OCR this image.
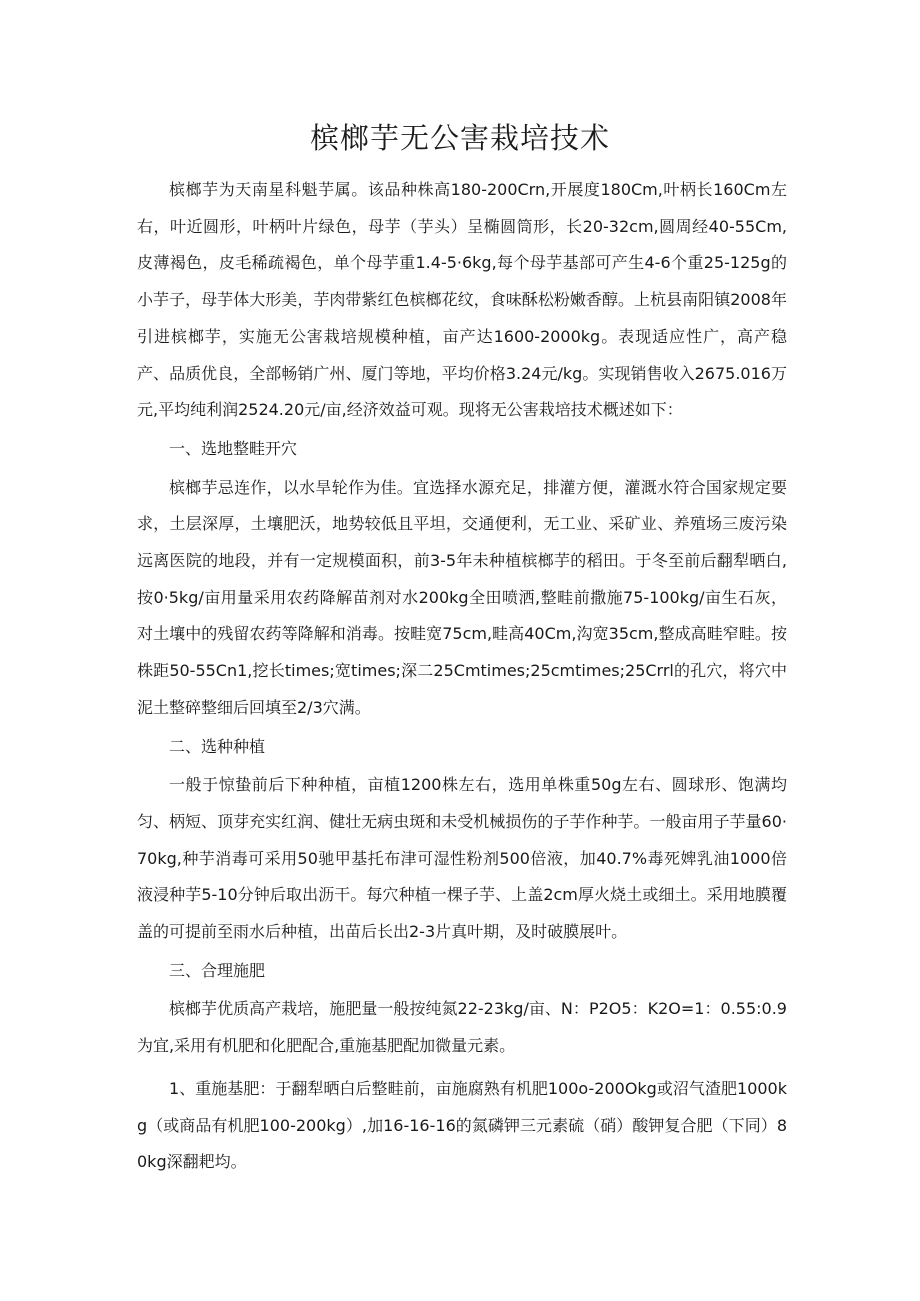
槟榔芋无公害栽培技术

槟榔芋为天南星科魁芋属。该品种株高180-200Crn,开展度180Cm,叶柄长160Cm左右，叶近圆形，叶柄叶片绿色，母芋（芋头）呈椭圆筒形，长20-32cm,圆周经40-55Cm,皮薄褐色，皮毛稀疏褐色，单个母芋重1.4-5·6kg,每个母芋基部可产生4-6个重25-125g的小芋子，母芋体大形美，芋肉带紫红色槟榔花纹，食味酥松粉嫩香醇。上杭县南阳镇2008年引进槟榔芋，实施无公害栽培规模种植，亩产达1600-2000kg。表现适应性广，高产稳产、品质优良，全部畅销广州、厦门等地，平均价格3.24元/kg。实现销售收入2675.016万元,平均纯利润2524.20元/亩,经济效益可观。现将无公害栽培技术概述如下：

一、选地整畦开穴

槟榔芋忌连作，以水旱轮作为佳。宜选择水源充足，排灌方便，灌溉水符合国家规定要求，土层深厚，土壤肥沃，地势较低且平坦，交通便利，无工业、采矿业、养殖场三废污染远离医院的地段，并有一定规模面积，前3-5年未种植槟榔芋的稻田。于冬至前后翻犁晒白,按0·5kg/亩用量采用农药降解苗剂对水200kg全田喷洒,整畦前撒施75-100kg/亩生石灰，对土壤中的残留农药等降解和消毒。按畦宽75cm,畦高40Cm,沟宽35cm,整成高畦窄畦。按株距50-55Cn1,挖长times;宽times;深二25Cmtimes;25cmtimes;25Crrl的孔穴，将穴中泥土整碎整细后回填至2/3穴满。

二、选种种植

一般于惊蛰前后下种种植，亩植1200株左右，选用单株重50g左右、圆球形、饱满均匀、柄短、顶芽充实红润、健壮无病虫斑和未受机械损伤的子芋作种芋。一般亩用子芋量60·70kg,种芋消毒可采用50驰甲基托布津可湿性粉剂500倍液，加40.7%毒死婢乳油1000倍液浸种芋5-10分钟后取出沥干。每穴种植一棵子芋、上盖2cm厚火烧土或细土。采用地膜覆盖的可提前至雨水后种植，出苗后长出2-3片真叶期，及时破膜展叶。

三、合理施肥

槟榔芋优质高产栽培，施肥量一般按纯氮22-23kg/亩、N：P2O5：K2O=1：0.55:0.9为宜,采用有机肥和化肥配合,重施基肥配加微量元素。

1、重施基肥：于翻犁晒白后整畦前，亩施腐熟有机肥100o-200Okg或沼气渣肥1000kg（或商品有机肥100-200kg）,加16-16-16的氮磷钾三元素硫（硝）酸钾复合肥（下同）80kg深翻耙均。
